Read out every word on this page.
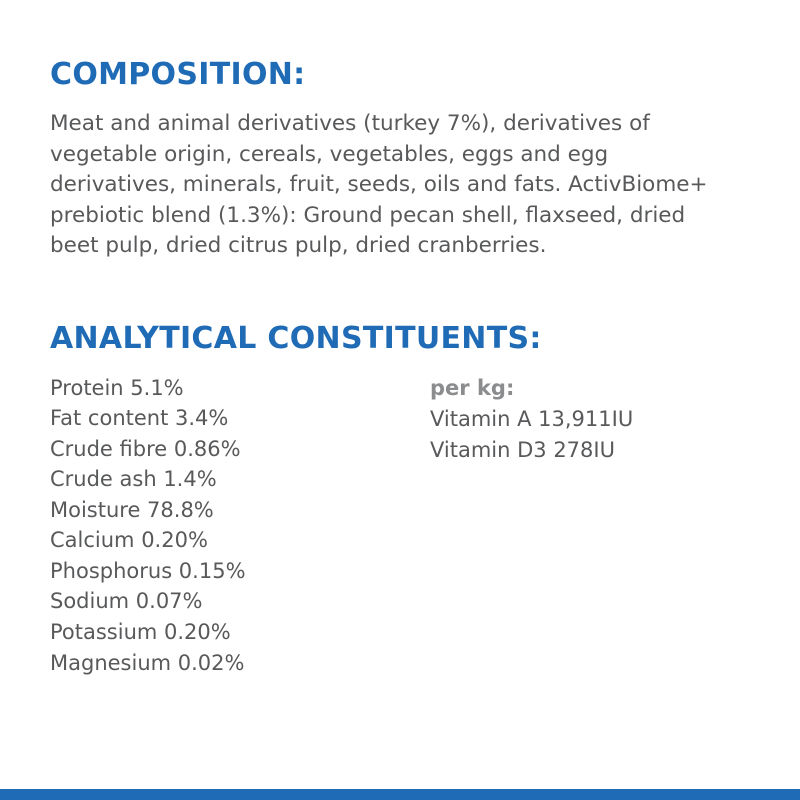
COMPOSITION:

Meat and animal derivatives (turkey 7%), derivatives of vegetable origin, cereals, vegetables, eggs and egg derivatives, minerals, fruit, seeds, oils and fats. ActivBiome+ prebiotic blend (1.3%): Ground pecan shell, flaxseed, dried beet pulp, dried citrus pulp, dried cranberries.

ANALYTICAL CONSTITUENTS:
Protein 5.1%
Fat content 3.4%
Crude fibre 0.86%
Crude ash 1.4%
Moisture 78.8%
Calcium 0.20%
Phosphorus 0.15%
Sodium 0.07%
Potassium 0.20%
Magnesium 0.02%
per kg:
Vitamin A 13,911IU
Vitamin D3 278IU
